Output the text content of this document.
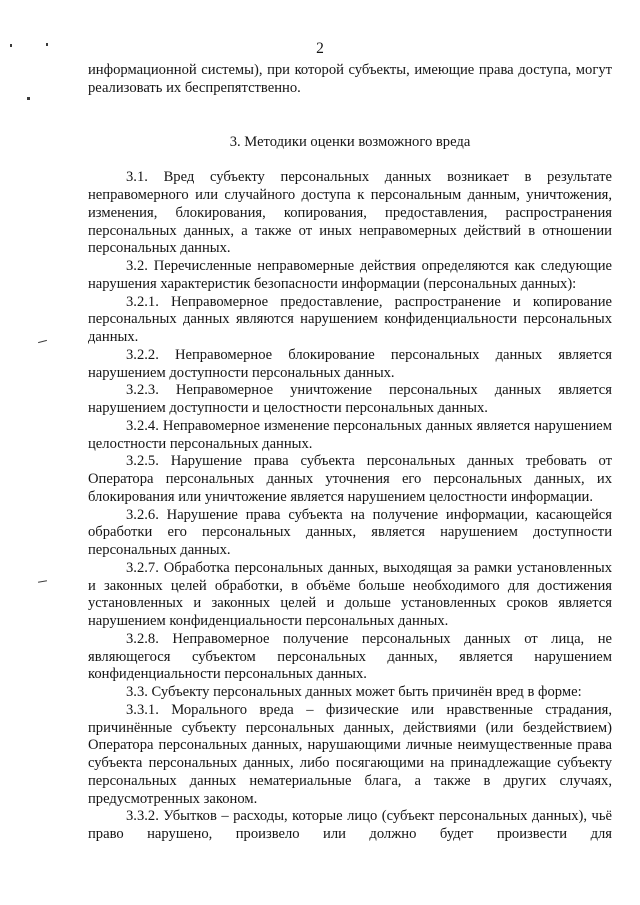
2

информационной системы), при которой субъекты, имеющие права доступа, могут реализовать их беспрепятственно.

3. Методики оценки возможного вреда

3.1. Вред субъекту персональных данных возникает в результате неправомерного или случайного доступа к персональным данным, уничтожения, изменения, блокирования, копирования, предоставления, распространения персональных данных, а также от иных неправомерных действий в отношении персональных данных.

3.2. Перечисленные неправомерные действия определяются как следующие нарушения характеристик безопасности информации (персональных данных):

3.2.1. Неправомерное предоставление, распространение и копирование персональных данных являются нарушением конфиденциальности персональных данных.

3.2.2. Неправомерное блокирование персональных данных является нарушением доступности персональных данных.

3.2.3. Неправомерное уничтожение персональных данных является нарушением доступности и целостности персональных данных.

3.2.4. Неправомерное изменение персональных данных является нарушением целостности персональных данных.

3.2.5. Нарушение права субъекта персональных данных требовать от Оператора персональных данных уточнения его персональных данных, их блокирования или уничтожение является нарушением целостности информации.

3.2.6. Нарушение права субъекта на получение информации, касающейся обработки его персональных данных, является нарушением доступности персональных данных.

3.2.7. Обработка персональных данных, выходящая за рамки установленных и законных целей обработки, в объёме больше необходимого для достижения установленных и законных целей и дольше установленных сроков является нарушением конфиденциальности персональных данных.

3.2.8. Неправомерное получение персональных данных от лица, не являющегося субъектом персональных данных, является нарушением конфиденциальности персональных данных.

3.3. Субъекту персональных данных может быть причинён вред в форме:

3.3.1. Морального вреда – физические или нравственные страдания, причинённые субъекту персональных данных, действиями (или бездействием) Оператора персональных данных, нарушающими личные неимущественные права субъекта персональных данных, либо посягающими на принадлежащие субъекту персональных данных нематериальные блага, а также в других случаях, предусмотренных законом.

3.3.2. Убытков – расходы, которые лицо (субъект персональных данных), чьё право нарушено, произвело или должно будет произвести для
